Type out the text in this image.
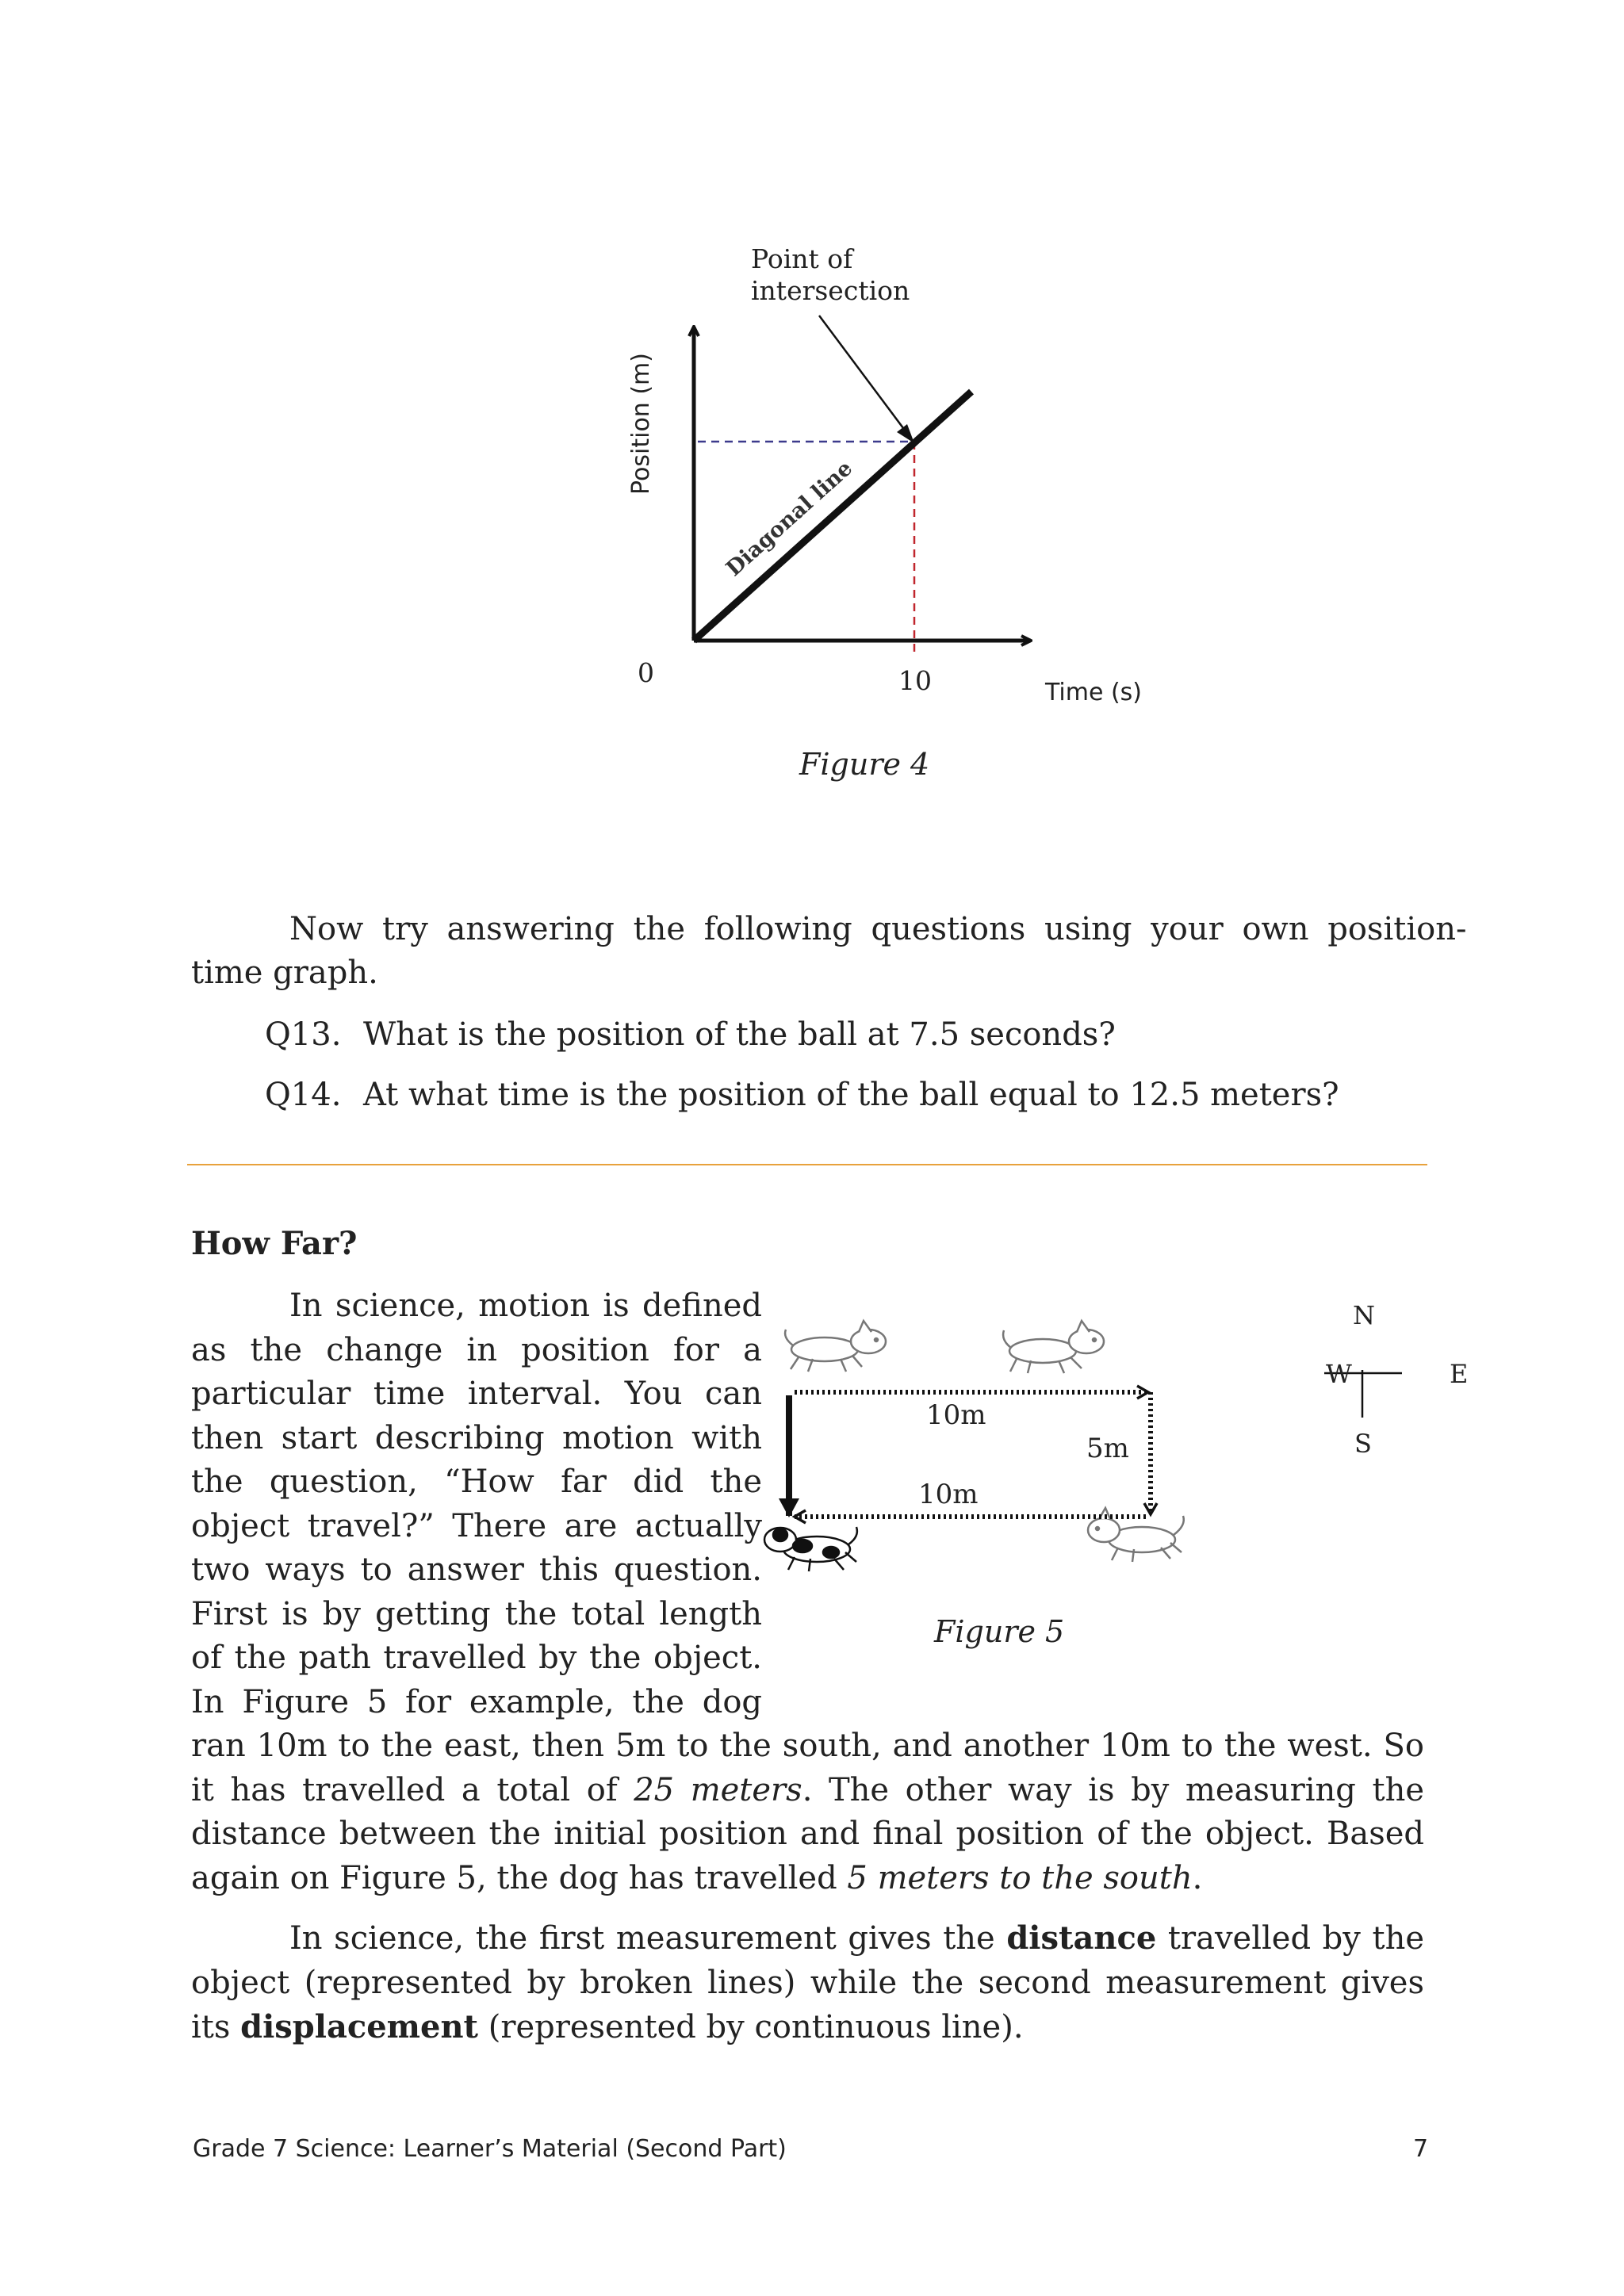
Point of
intersection
Position (m)
Diagonal line
0	10	Time (s)
Figure 4
Now try answering the following questions using your own position-
time graph.
Q13. What is the position of the ball at 7.5 seconds?
Q14. At what time is the position of the ball equal to 12.5 meters?
How Far?

In science, motion is defined as the change in position for a particular time interval. You can then start describing motion with the question, “How far did the object travel?” There are actually two ways to answer this question. First is by getting the total length of the path travelled by the object. In Figure 5 for example, the dog ran 10m to the east, then 5m to the south, and another 10m to the west. So it has travelled a total of 25 meters. The other way is by measuring the distance between the initial position and final position of the object. Based again on Figure 5, the dog has travelled 5 meters to the south.

In science, the first measurement gives the distance travelled by the object (represented by broken lines) while the second measurement gives its displacement (represented by continuous line).

10m
5m
10m
N
S
W	E
Figure 5
Grade 7 Science: Learner’s Material (Second Part)	7
